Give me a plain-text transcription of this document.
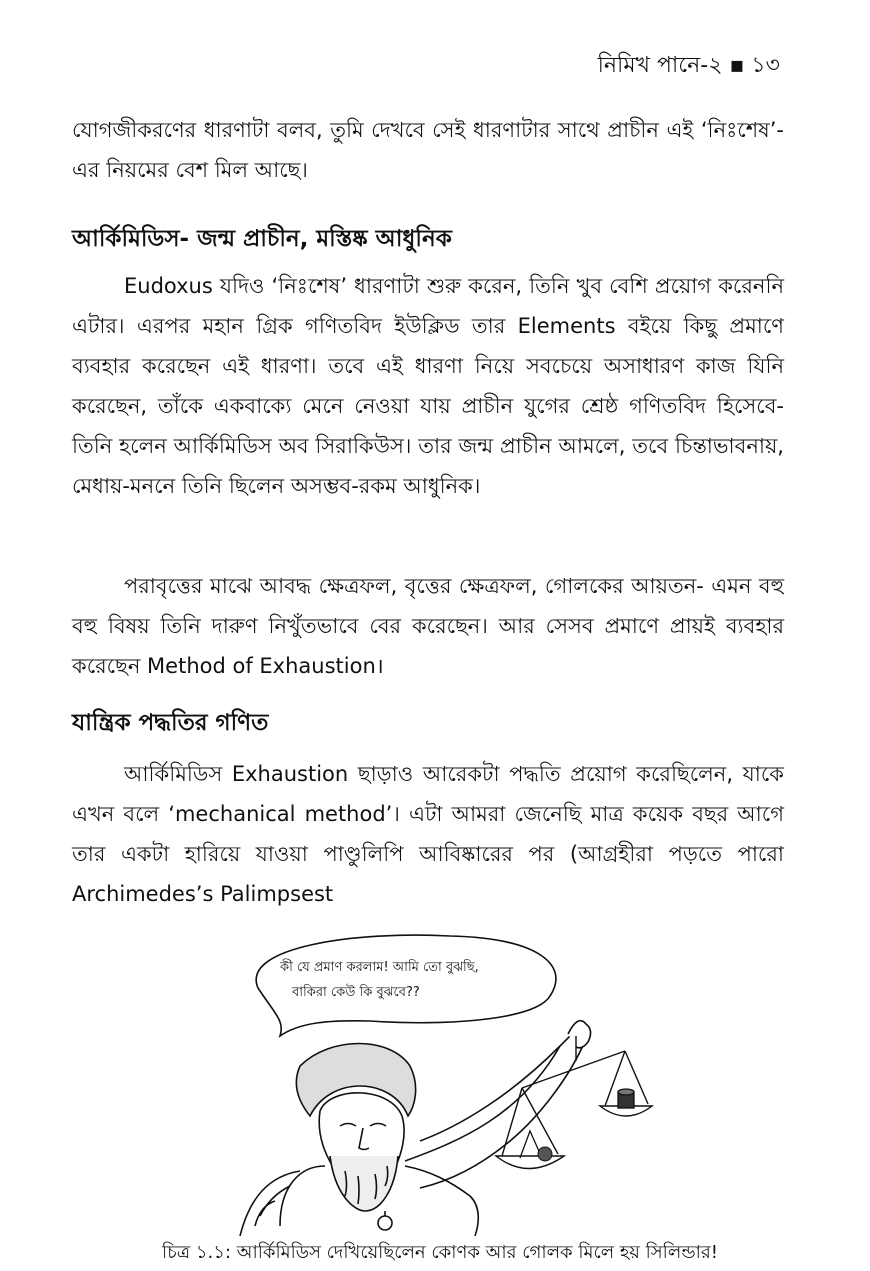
নিমিখ পানে-২ ▪ ১৩
যোগজীকরণের ধারণাটা বলব, তুমি দেখবে সেই ধারণাটার সাথে প্রাচীন এই ‘নিঃশেষ’-এর নিয়মের বেশ মিল আছে।
আর্কিমিডিস- জন্ম প্রাচীন, মস্তিষ্ক আধুনিক
Eudoxus যদিও ‘নিঃশেষ’ ধারণাটা শুরু করেন, তিনি খুব বেশি প্রয়োগ করেননি এটার। এরপর মহান গ্রিক গণিতবিদ ইউক্লিড তার Elements বইয়ে কিছু প্রমাণে ব্যবহার করেছেন এই ধারণা। তবে এই ধারণা নিয়ে সবচেয়ে অসাধারণ কাজ যিনি করেছেন, তাঁকে একবাক্যে মেনে নেওয়া যায় প্রাচীন যুগের শ্রেষ্ঠ গণিতবিদ হিসেবে- তিনি হলেন আর্কিমিডিস অব সিরাকিউস। তার জন্ম প্রাচীন আমলে, তবে চিন্তাভাবনায়, মেধায়-মননে তিনি ছিলেন অসম্ভব-রকম আধুনিক।
পরাবৃত্তের মাঝে আবদ্ধ ক্ষেত্রফল, বৃত্তের ক্ষেত্রফল, গোলকের আয়তন- এমন বহু বহু বিষয় তিনি দারুণ নিখুঁতভাবে বের করেছেন। আর সেসব প্রমাণে প্রায়ই ব্যবহার করেছেন Method of Exhaustion।
যান্ত্রিক পদ্ধতির গণিত
আর্কিমিডিস Exhaustion ছাড়াও আরেকটা পদ্ধতি প্রয়োগ করেছিলেন, যাকে এখন বলে ‘mechanical method’। এটা আমরা জেনেছি মাত্র কয়েক বছর আগে তার একটা হারিয়ে যাওয়া পাণ্ডুলিপি আবিষ্কারের পর (আগ্রহীরা পড়তে পারো Archimedes’s Palimpsest
কী যে প্রমাণ করলাম! আমি তো বুঝছি,
বাকিরা কেউ কি বুঝবে??
চিত্র ১.১: আর্কিমিডিস দেখিয়েছিলেন কোণক আর গোলক মিলে হয় সিলিন্ডার!
